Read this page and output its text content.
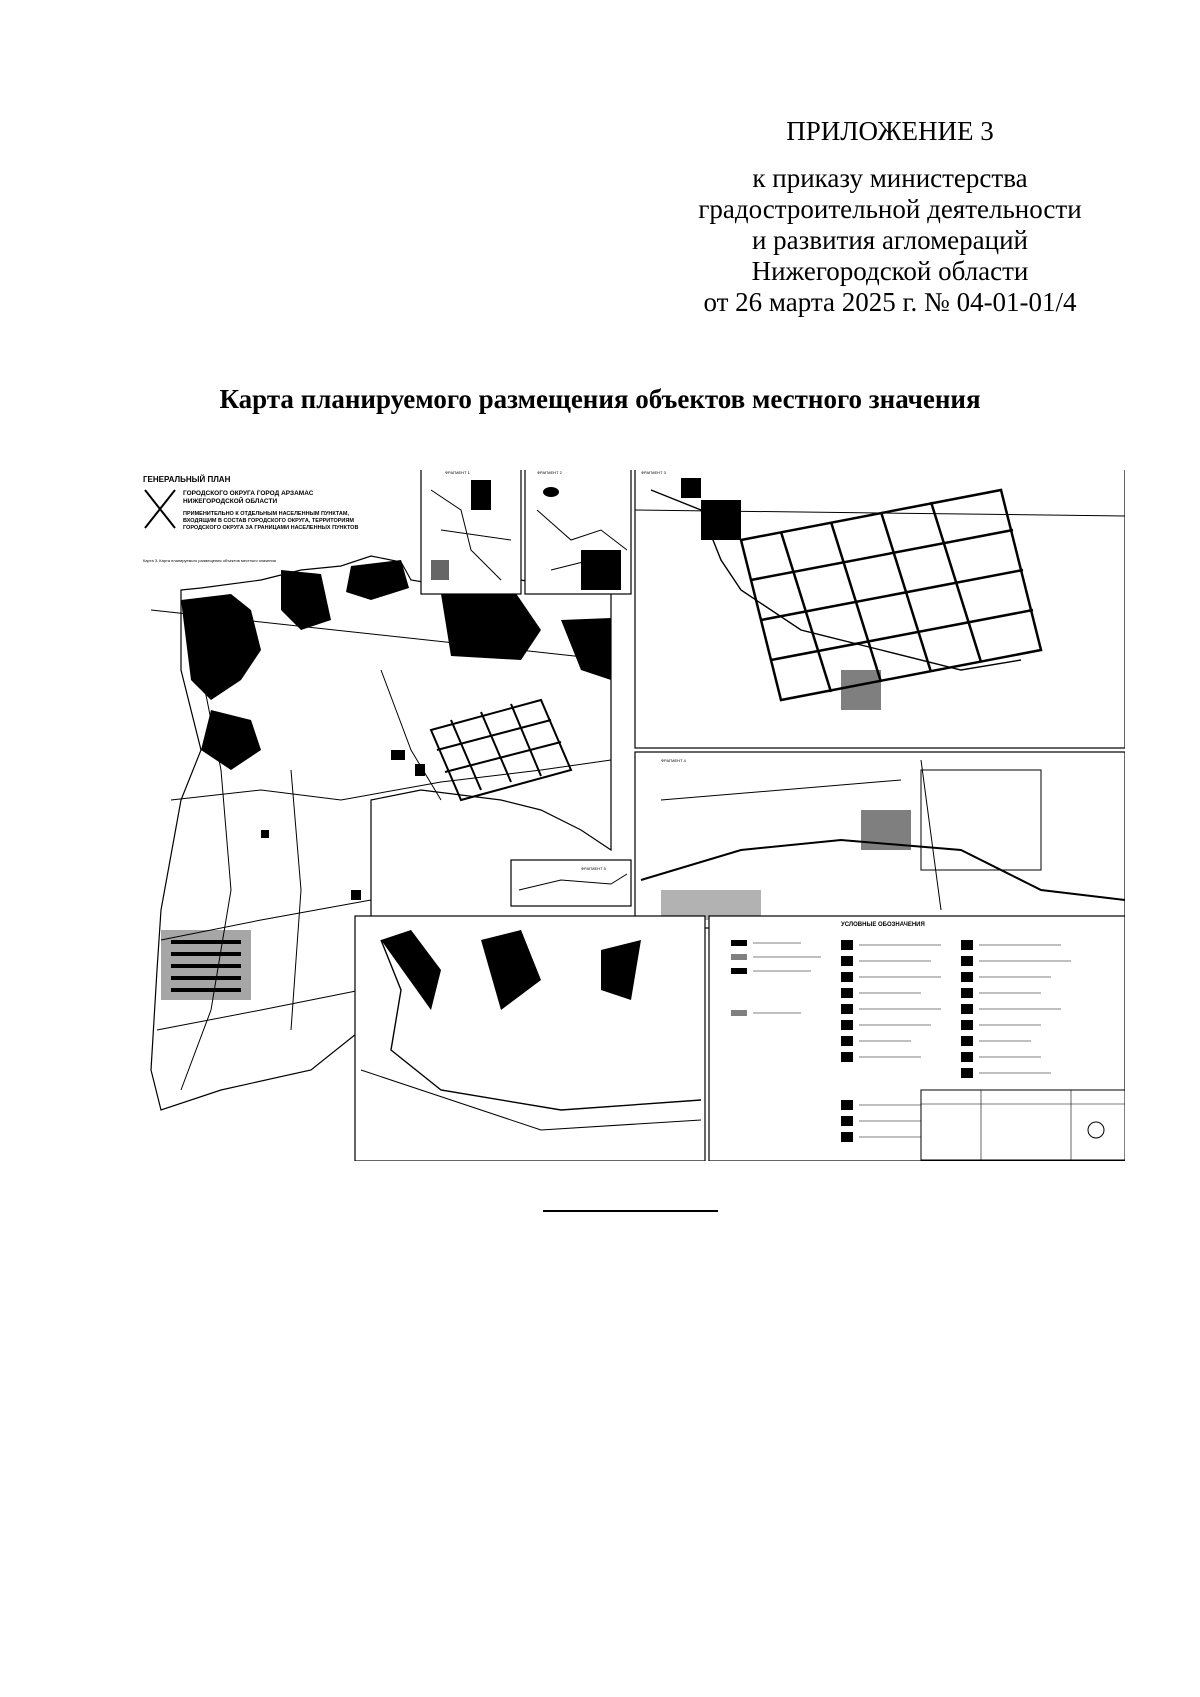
ПРИЛОЖЕНИЕ 3
к приказу министерства
градостроительной деятельности
и развития агломераций
Нижегородской области
от 26 марта 2025 г. № 04-01-01/4
Карта планируемого размещения объектов местного значения
ГЕНЕРАЛЬНЫЙ ПЛАН
ГОРОДСКОГО ОКРУГА ГОРОД АРЗАМАС
НИЖЕГОРОДСКОЙ ОБЛАСТИ
ПРИМЕНИТЕЛЬНО К ОТДЕЛЬНЫМ НАСЕЛЕННЫМ ПУНКТАМ,
ВХОДЯЩИМ В СОСТАВ ГОРОДСКОГО ОКРУГА, ТЕРРИТОРИЯМ
ГОРОДСКОГО ОКРУГА ЗА ГРАНИЦАМИ НАСЕЛЕННЫХ ПУНКТОВ
Карта 3. Карта планируемого размещения объектов местного значения
ФРАГМЕНТ 5
ФРАГМЕНТ 1	ФРАГМЕНТ 2	ФРАГМЕНТ 3
ФРАГМЕНТ 4
УСЛОВНЫЕ ОБОЗНАЧЕНИЯ
